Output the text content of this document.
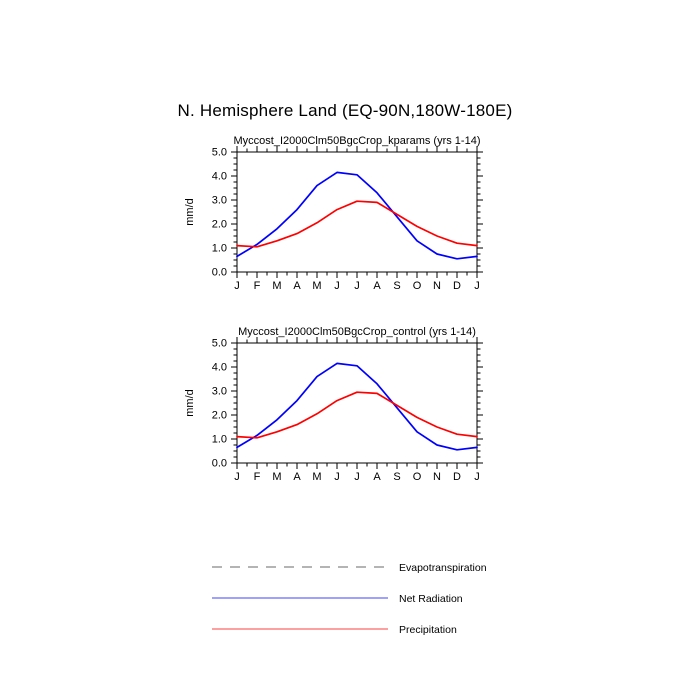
N. Hemisphere Land (EQ-90N,180W-180E)
Myccost_I2000Clm50BgcCrop_kparams (yrs 1-14)
mm/d
0.0
1.0
2.0
3.0
4.0
5.0
J F M A M J J A S O N D J
Myccost_I2000Clm50BgcCrop_control (yrs 1-14)
mm/d
0.0
1.0
2.0
3.0
4.0
5.0
J F M A M J J A S O N D J
Evapotranspiration
Net Radiation
Precipitation
